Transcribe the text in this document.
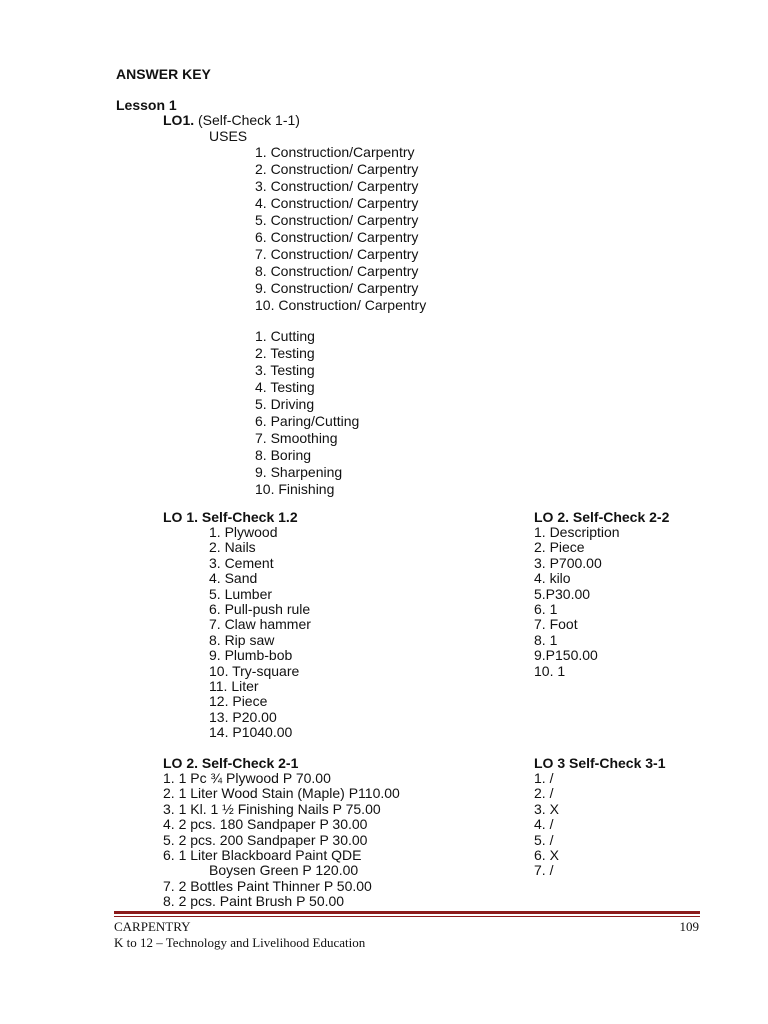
ANSWER KEY
Lesson 1
LO1. (Self-Check 1-1)
USES
1. Construction/Carpentry
2. Construction/ Carpentry
3. Construction/ Carpentry
4. Construction/ Carpentry
5. Construction/ Carpentry
6. Construction/ Carpentry
7. Construction/ Carpentry
8. Construction/ Carpentry
9. Construction/ Carpentry
10. Construction/ Carpentry
1. Cutting
2. Testing
3. Testing
4. Testing
5. Driving
6. Paring/Cutting
7. Smoothing
8. Boring
9. Sharpening
10. Finishing
LO 1. Self-Check 1.2
1. Plywood
2. Nails
3. Cement
4. Sand
5. Lumber
6. Pull-push rule
7. Claw hammer
8. Rip saw
9. Plumb-bob
10. Try-square
11. Liter
12. Piece
13. P20.00
14. P1040.00
LO 2. Self-Check 2-2
1. Description
2. Piece
3. P700.00
4. kilo
5.P30.00
6. 1
7. Foot
8. 1
9.P150.00
10. 1
LO 2. Self-Check 2-1
1. 1 Pc ¾ Plywood P 70.00
2. 1 Liter Wood Stain (Maple) P110.00
3. 1 Kl. 1 ½ Finishing Nails P 75.00
4. 2 pcs. 180 Sandpaper P 30.00
5. 2 pcs. 200 Sandpaper P 30.00
6. 1 Liter Blackboard Paint QDE
Boysen Green P 120.00
7. 2 Bottles Paint Thinner P 50.00
8. 2 pcs. Paint Brush P 50.00
LO 3 Self-Check 3-1
1. /
2. /
3. X
4. /
5. /
6. X
7. /
CARPENTRY	109
K to 12 – Technology and Livelihood Education
